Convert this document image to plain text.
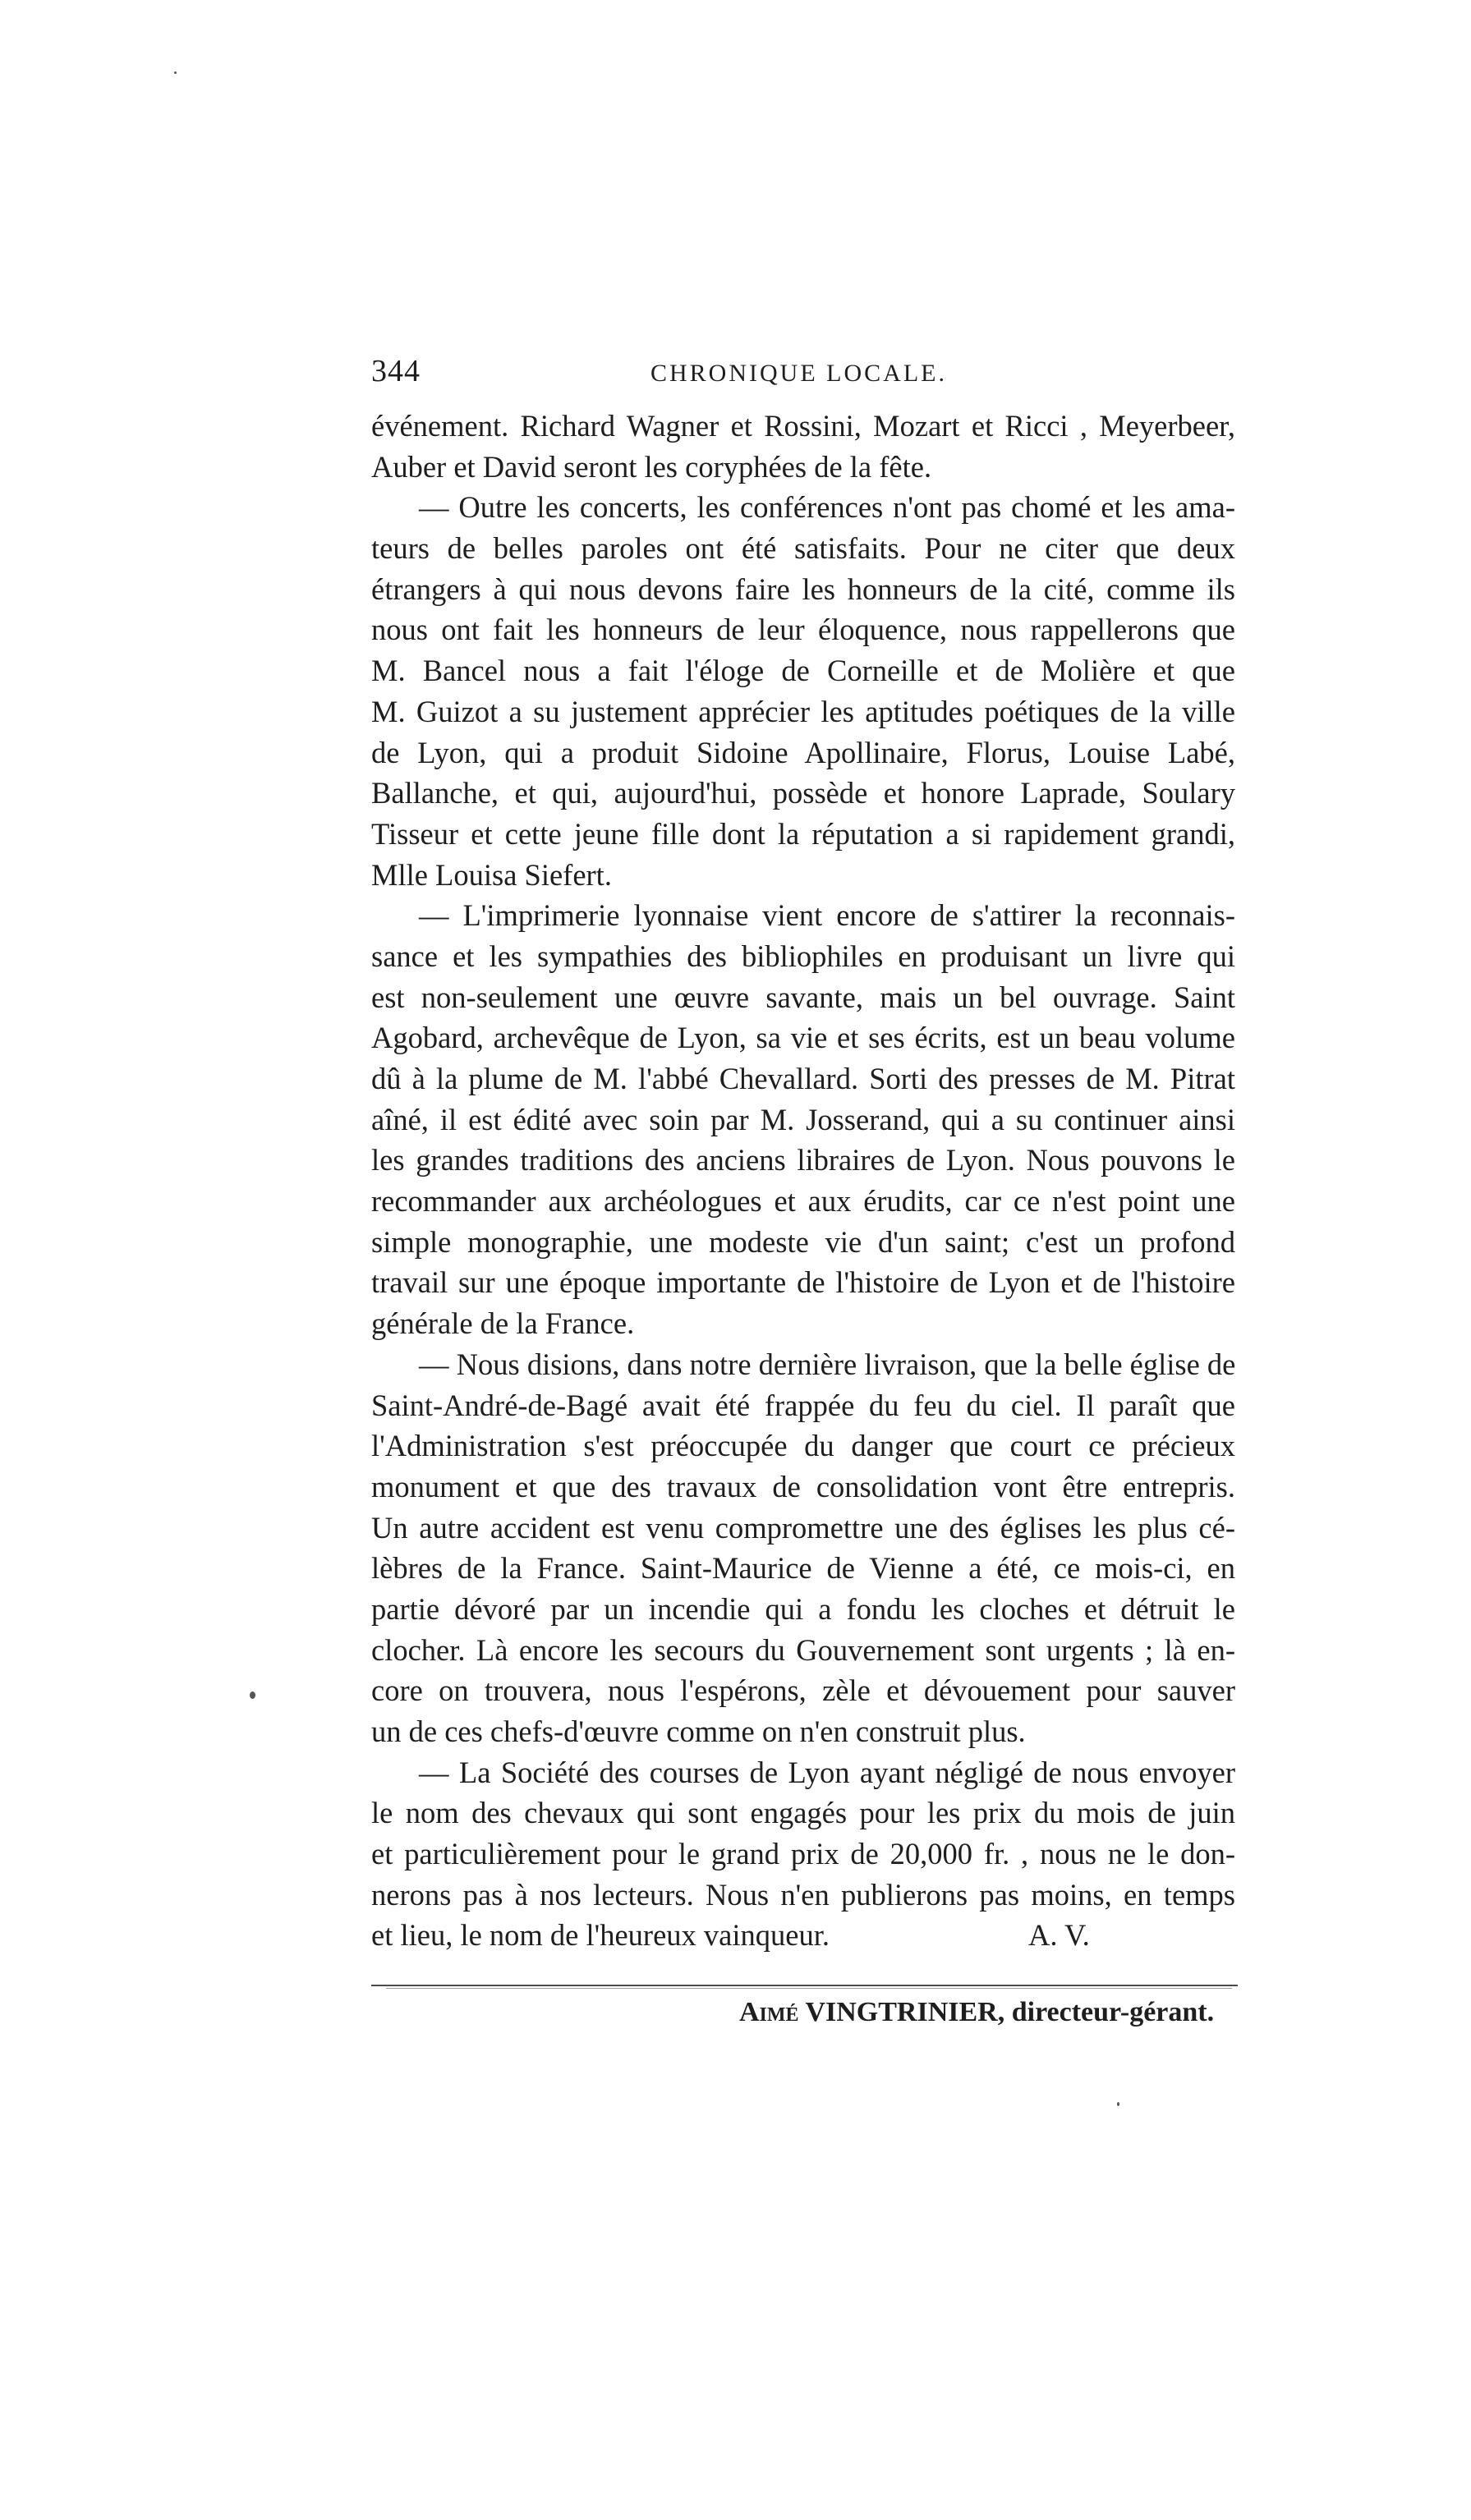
344	CHRONIQUE LOCALE.
événement. Richard Wagner et Rossini, Mozart et Ricci , Meyerbeer,
Auber et David seront les coryphées de la fête.
— Outre les concerts, les conférences n'ont pas chomé et les ama-
teurs de belles paroles ont été satisfaits. Pour ne citer que deux
étrangers à qui nous devons faire les honneurs de la cité, comme ils
nous ont fait les honneurs de leur éloquence, nous rappellerons que
M. Bancel nous a fait l'éloge de Corneille et de Molière et que
M. Guizot a su justement apprécier les aptitudes poétiques de la ville
de Lyon, qui a produit Sidoine Apollinaire, Florus, Louise Labé,
Ballanche, et qui, aujourd'hui, possède et honore Laprade, Soulary
Tisseur et cette jeune fille dont la réputation a si rapidement grandi,
Mlle Louisa Siefert.
— L'imprimerie lyonnaise vient encore de s'attirer la reconnais-
sance et les sympathies des bibliophiles en produisant un livre qui
est non-seulement une œuvre savante, mais un bel ouvrage. Saint
Agobard, archevêque de Lyon, sa vie et ses écrits, est un beau volume
dû à la plume de M. l'abbé Chevallard. Sorti des presses de M. Pitrat
aîné, il est édité avec soin par M. Josserand, qui a su continuer ainsi
les grandes traditions des anciens libraires de Lyon. Nous pouvons le
recommander aux archéologues et aux érudits, car ce n'est point une
simple monographie, une modeste vie d'un saint; c'est un profond
travail sur une époque importante de l'histoire de Lyon et de l'histoire
générale de la France.
— Nous disions, dans notre dernière livraison, que la belle église de
Saint-André-de-Bagé avait été frappée du feu du ciel. Il paraît que
l'Administration s'est préoccupée du danger que court ce précieux
monument et que des travaux de consolidation vont être entrepris.
Un autre accident est venu compromettre une des églises les plus cé-
lèbres de la France. Saint-Maurice de Vienne a été, ce mois-ci, en
partie dévoré par un incendie qui a fondu les cloches et détruit le
clocher. Là encore les secours du Gouvernement sont urgents ; là en-
core on trouvera, nous l'espérons, zèle et dévouement pour sauver
un de ces chefs-d'œuvre comme on n'en construit plus.
— La Société des courses de Lyon ayant négligé de nous envoyer
le nom des chevaux qui sont engagés pour les prix du mois de juin
et particulièrement pour le grand prix de 20,000 fr. , nous ne le don-
nerons pas à nos lecteurs. Nous n'en publierons pas moins, en temps
et lieu, le nom de l'heureux vainqueur.	A. V.
Aimé VINGTRINIER, directeur-gérant.
